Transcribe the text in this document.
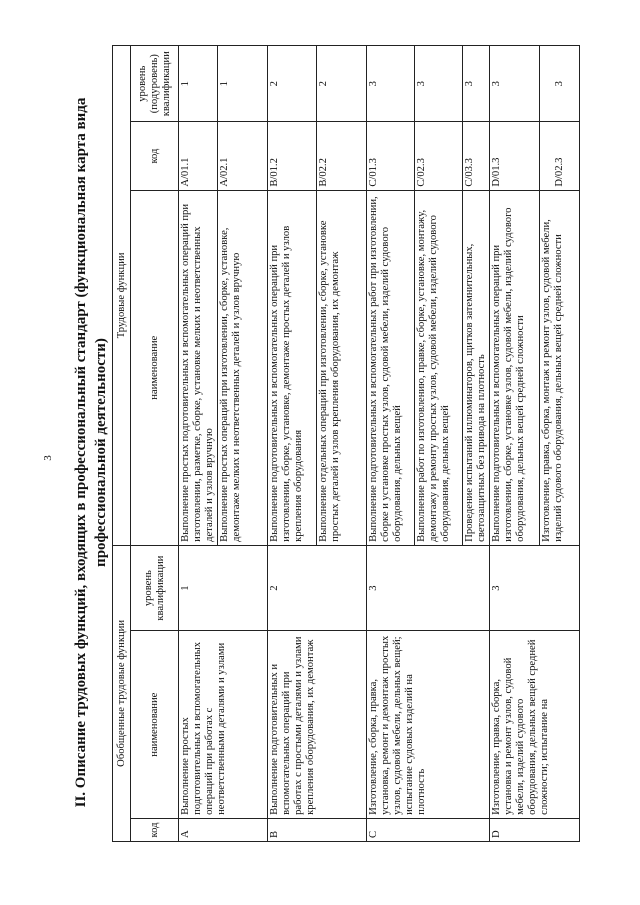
3 II. Описание трудовых функций, входящих в профессиональный стандарт (функциональная карта вида профессиональной деятельности)
Обобщенные трудовые функции			Трудовые функции		
код	наименование	уровень квалификации	наименование	код	уровень (подуровень) квалификации
A	Выполнение простых подготовительных и вспомогательных операций при работах с неответственными деталями и узлами	1	Выполнение простых подготовительных и вспомогательных операций при изготовлении, разметке, сборке, установке мелких и неответственных деталей и узлов вручную	A/01.1	1
			Выполнение простых операций при изготовлении, сборке, установке, демонтаже мелких и неответственных деталей и узлов вручную	A/02.1	1
B	Выполнение подготовительных и вспомогательных операций при работах с простыми деталями и узлами крепления оборудования, их демонтаж	2	Выполнение подготовительных и вспомогательных операций при изготовлении, сборке, установке, демонтаже простых деталей и узлов крепления оборудования	B/01.2	2
			Выполнение отдельных операций при изготовлении, сборке, установке простых деталей и узлов крепления оборудования, их демонтаж	B/02.2	2
C	Изготовление, сборка, правка, установка, ремонт и демонтаж простых узлов, судовой мебели, дельных вещей; испытание судовых изделий на плотность	3	Выполнение подготовительных и вспомогательных работ при изготовлении, сборке и установке простых узлов, судовой мебели, изделий судового оборудования, дельных вещей	C/01.3	3
			Выполнение работ по изготовлению, правке, сборке, установке, монтажу, демонтажу и ремонту простых узлов, судовой мебели, изделий судового оборудования, дельных вещей	C/02.3	3
			Проведение испытаний иллюминаторов, щитков затемнительных, светозащитных без привода на плотность	C/03.3	3
D	Изготовление, правка, сборка, установка и ремонт узлов, судовой мебели, изделий судового оборудования, дельных вещей средней сложности; испытание на	3	Выполнение подготовительных и вспомогательных операций при изготовлении, сборке, установке узлов, судовой мебели, изделий судового оборудования, дельных вещей средней сложности	D/01.3	3
			Изготовление, правка, сборка, монтаж и ремонт узлов, судовой мебели, изделий судового оборудования, дельных вещей средней сложности	D/02.3	3
